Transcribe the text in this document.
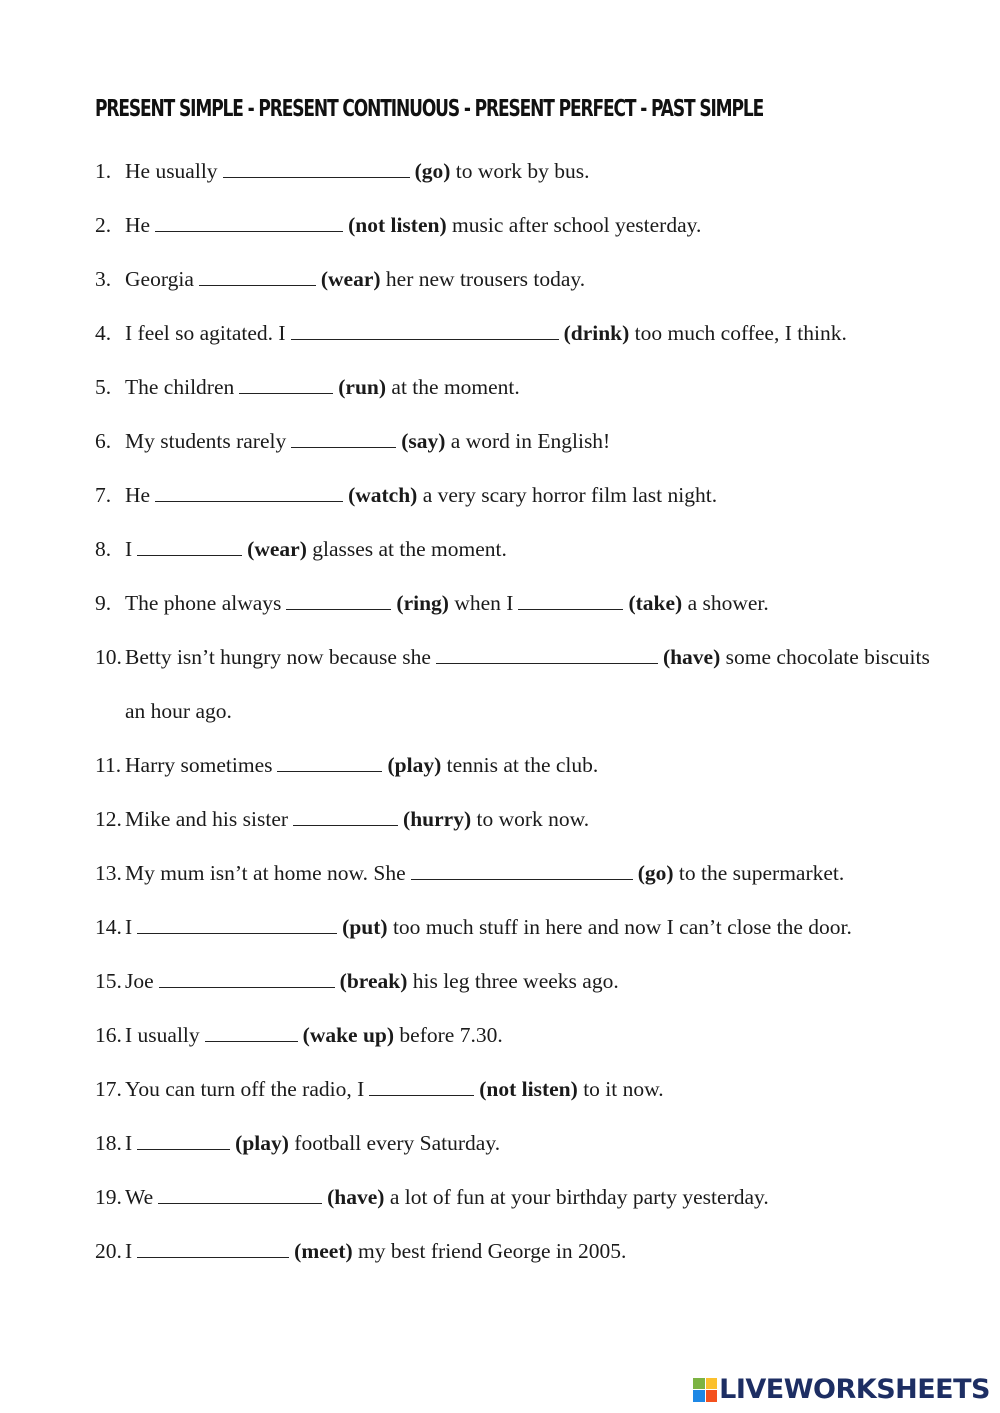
PRESENT SIMPLE - PRESENT CONTINUOUS - PRESENT PERFECT - PAST SIMPLE
1. He usually	(go) to work by bus.
2. He	(not listen) music after school yesterday.
3. Georgia	(wear) her new trousers today.
4. I feel so agitated. I	(drink) too much coffee, I think.
5. The children	(run) at the moment.
6. My students rarely	(say) a word in English!
7. He	(watch) a very scary horror film last night.
8. I	(wear) glasses at the moment.
9. The phone always	(ring) when I	(take) a shower.
10. Betty isn’t hungry now because she	(have) some chocolate biscuits an hour ago.
11. Harry sometimes	(play) tennis at the club.
12. Mike and his sister	(hurry) to work now.
13. My mum isn’t at home now. She	(go) to the supermarket.
14. I	(put) too much stuff in here and now I can’t close the door.
15. Joe	(break) his leg three weeks ago.
16. I usually	(wake up) before 7.30.
17. You can turn off the radio, I	(not listen) to it now.
18. I	(play) football every Saturday.
19. We	(have) a lot of fun at your birthday party yesterday.
20. I	(meet) my best friend George in 2005.
LIVEWORKSHEETS
